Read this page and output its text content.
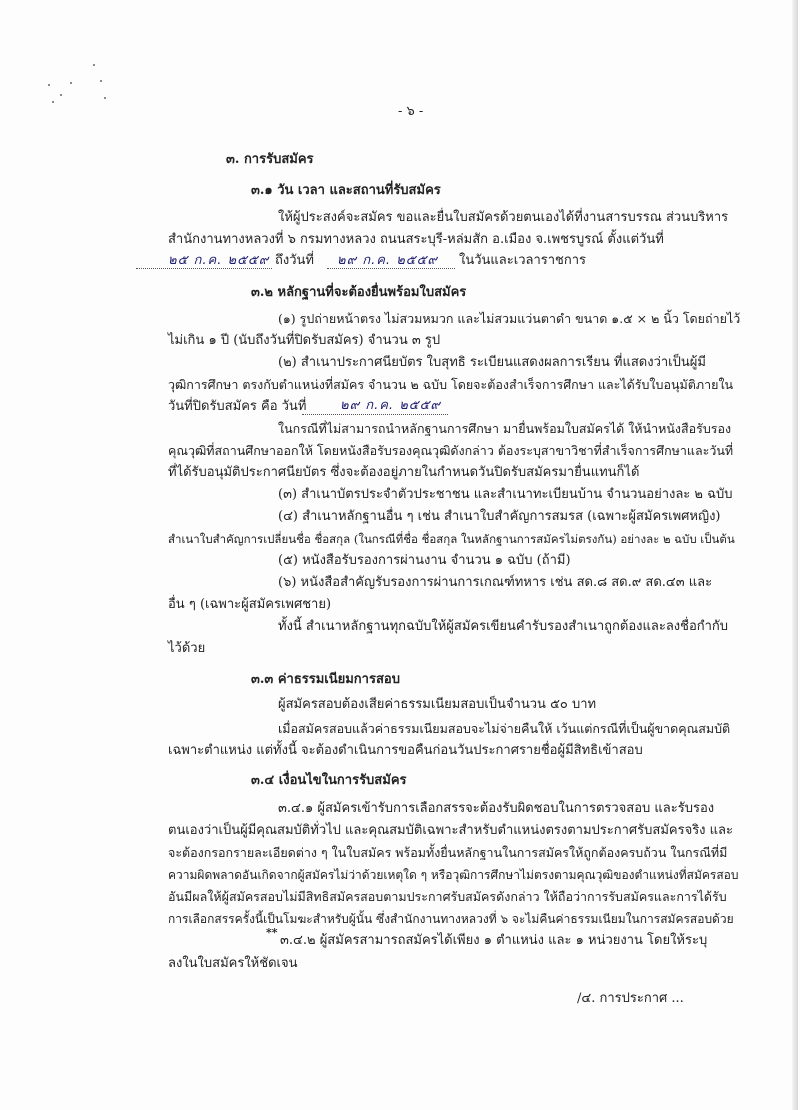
- ๖ -
๓. การรับสมัคร
๓.๑ วัน เวลา และสถานที่รับสมัคร
ให้ผู้ประสงค์จะสมัคร ขอและยื่นใบสมัครด้วยตนเองได้ที่งานสารบรรณ ส่วนบริหาร
สำนักงานทางหลวงที่ ๖ กรมทางหลวง ถนนสระบุรี-หล่มสัก อ.เมือง จ.เพชรบูรณ์ ตั้งแต่วันที่
๒๕ ก.ค. ๒๕๕๙ ถึงวันที่ ๒๙ ก.ค. ๒๕๕๙ ในวันและเวลาราชการ
๓.๒ หลักฐานที่จะต้องยื่นพร้อมใบสมัคร
(๑) รูปถ่ายหน้าตรง ไม่สวมหมวก และไม่สวมแว่นตาดำ ขนาด ๑.๕ × ๒ นิ้ว โดยถ่ายไว้
ไม่เกิน ๑ ปี (นับถึงวันที่ปิดรับสมัคร) จำนวน ๓ รูป
(๒) สำเนาประกาศนียบัตร ใบสุทธิ ระเบียนแสดงผลการเรียน ที่แสดงว่าเป็นผู้มี
วุฒิการศึกษา ตรงกับตำแหน่งที่สมัคร จำนวน ๒ ฉบับ โดยจะต้องสำเร็จการศึกษา และได้รับใบอนุมัติภายใน
วันที่ปิดรับสมัคร คือ วันที่	๒๙ ก.ค. ๒๕๕๙
ในกรณีที่ไม่สามารถนำหลักฐานการศึกษา มายื่นพร้อมใบสมัครได้ ให้นำหนังสือรับรอง
คุณวุฒิที่สถานศึกษาออกให้ โดยหนังสือรับรองคุณวุฒิดังกล่าว ต้องระบุสาขาวิชาที่สำเร็จการศึกษาและวันที่
ที่ได้รับอนุมัติประกาศนียบัตร ซึ่งจะต้องอยู่ภายในกำหนดวันปิดรับสมัครมายื่นแทนก็ได้
(๓) สำเนาบัตรประจำตัวประชาชน และสำเนาทะเบียนบ้าน จำนวนอย่างละ ๒ ฉบับ
(๔) สำเนาหลักฐานอื่น ๆ เช่น สำเนาใบสำคัญการสมรส (เฉพาะผู้สมัครเพศหญิง)
สำเนาใบสำคัญการเปลี่ยนชื่อ ชื่อสกุล (ในกรณีที่ชื่อ ชื่อสกุล ในหลักฐานการสมัครไม่ตรงกัน) อย่างละ ๒ ฉบับ เป็นต้น
(๕) หนังสือรับรองการผ่านงาน จำนวน ๑ ฉบับ (ถ้ามี)
(๖) หนังสือสำคัญรับรองการผ่านการเกณฑ์ทหาร เช่น สด.๘ สด.๙ สด.๔๓ และ
อื่น ๆ (เฉพาะผู้สมัครเพศชาย)
ทั้งนี้ สำเนาหลักฐานทุกฉบับให้ผู้สมัครเขียนคำรับรองสำเนาถูกต้องและลงชื่อกำกับ
ไว้ด้วย
๓.๓ ค่าธรรมเนียมการสอบ
ผู้สมัครสอบต้องเสียค่าธรรมเนียมสอบเป็นจำนวน ๕๐ บาท
เมื่อสมัครสอบแล้วค่าธรรมเนียมสอบจะไม่จ่ายคืนให้ เว้นแต่กรณีที่เป็นผู้ขาดคุณสมบัติ
เฉพาะตำแหน่ง แต่ทั้งนี้ จะต้องดำเนินการขอคืนก่อนวันประกาศรายชื่อผู้มีสิทธิเข้าสอบ
๓.๔ เงื่อนไขในการรับสมัคร
๓.๔.๑ ผู้สมัครเข้ารับการเลือกสรรจะต้องรับผิดชอบในการตรวจสอบ และรับรอง
ตนเองว่าเป็นผู้มีคุณสมบัติทั่วไป และคุณสมบัติเฉพาะสำหรับตำแหน่งตรงตามประกาศรับสมัครจริง และ
จะต้องกรอกรายละเอียดต่าง ๆ ในใบสมัคร พร้อมทั้งยื่นหลักฐานในการสมัครให้ถูกต้องครบถ้วน ในกรณีที่มี
ความผิดพลาดอันเกิดจากผู้สมัครไม่ว่าด้วยเหตุใด ๆ หรือวุฒิการศึกษาไม่ตรงตามคุณวุฒิของตำแหน่งที่สมัครสอบ
อันมีผลให้ผู้สมัครสอบไม่มีสิทธิสมัครสอบตามประกาศรับสมัครดังกล่าว ให้ถือว่าการรับสมัครและการได้รับ
การเลือกสรรครั้งนี้เป็นโมฆะสำหรับผู้นั้น ซึ่งสำนักงานทางหลวงที่ ๖ จะไม่คืนค่าธรรมเนียมในการสมัครสอบด้วย
**
๓.๔.๒ ผู้สมัครสามารถสมัครได้เพียง ๑ ตำแหน่ง และ ๑ หน่วยงาน โดยให้ระบุ
ลงในใบสมัครให้ชัดเจน
/๔. การประกาศ ...
